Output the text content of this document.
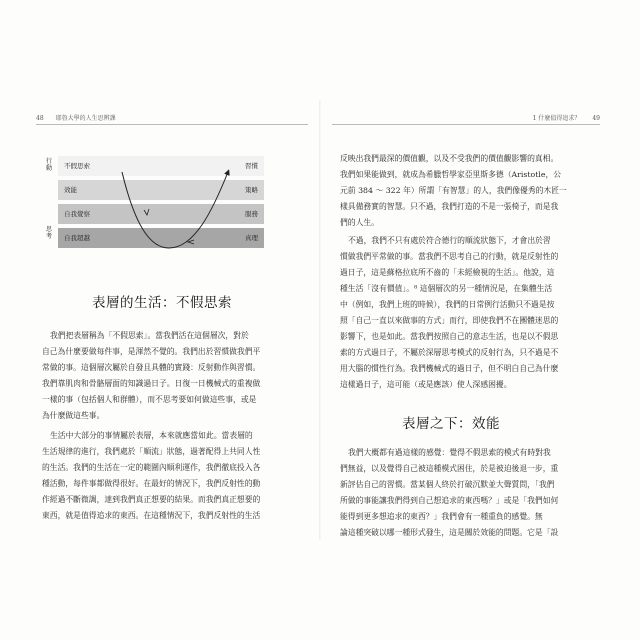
48 耶魯大學的人生思辨課	1 什麼值得追求？ 49
行動
思考
不假思索	習慣
效能	策略
自我覺察	服務
自我超越	真理
表層的生活：不假思索
我們把表層稱為「不假思索」。當我們活在這個層次，對於
自己為什麼要做每件事，是渾然不覺的。我們出於習慣做我們平
常做的事。這個層次屬於自發且具體的實踐：反射動作與習慣。
我們靠肌肉和骨骼層面的知識過日子。日復一日機械式的重複做
一樣的事（包括個人和群體），而不思考要如何做這些事，或是
為什麼做這些事。
生活中大部分的事情屬於表層，本來就應當如此。當表層的
生活規律的進行，我們處於「順流」狀態，過著配得上共同人性
的生活。我們的生活在一定的範圍內順利運作，我們徹底投入各
種活動，每件事都做得很好。在最好的情況下，我們反射性的動
作經過不斷微調，達到我們真正想要的結果。而我們真正想要的
東西，就是值得追求的東西。在這種情況下，我們反射性的生活
反映出我們最深的價值觀，以及不受我們的價值觀影響的真相。
我們如果能做到，就成為希臘哲學家亞里斯多德（Aristotle，公
元前 384 ～ 322 年）所謂「有智慧」的人，我們像優秀的木匠一
樣具備務實的智慧。只不過，我們打造的不是一張椅子，而是我
們的人生。
不過，我們不只有處於符合德行的順流狀態下，才會出於習
慣做我們平常做的事。當我們不思考自己的行動，就是反射性的
過日子，這是蘇格拉底所不齒的「未經檢視的生活」。他說，這
種生活「沒有價值」。⁸ 這個層次的另一種情況是，在集體生活
中（例如，我們上班的時候），我們的日常例行活動只不過是按
照「自己一直以來做事的方式」而行，即使我們不在團體迷思的
影響下，也是如此。當我們按照自己的意志生活，也是以不假思
索的方式過日子，不屬於深層思考模式的反射行為，只不過是不
用大腦的慣性行為。我們機械式的過日子，但不明白自己為什麼
這樣過日子，這可能（或是應該）使人深感困擾。
表層之下：效能
我們大概都有過這樣的感覺：覺得不假思索的模式有時對我
們無益，以及覺得自己被這種模式困住，於是被迫後退一步，重
新評估自己的習慣。當某個人終於打破沉默並大聲質問，「我們
所做的事能讓我們得到自己想追求的東西嗎？」或是「我們如何
能得到更多想追求的東西？」我們會有一種重負的感覺。無
論這種突破以哪一種形式發生，這是關於效能的問題。它是「設
